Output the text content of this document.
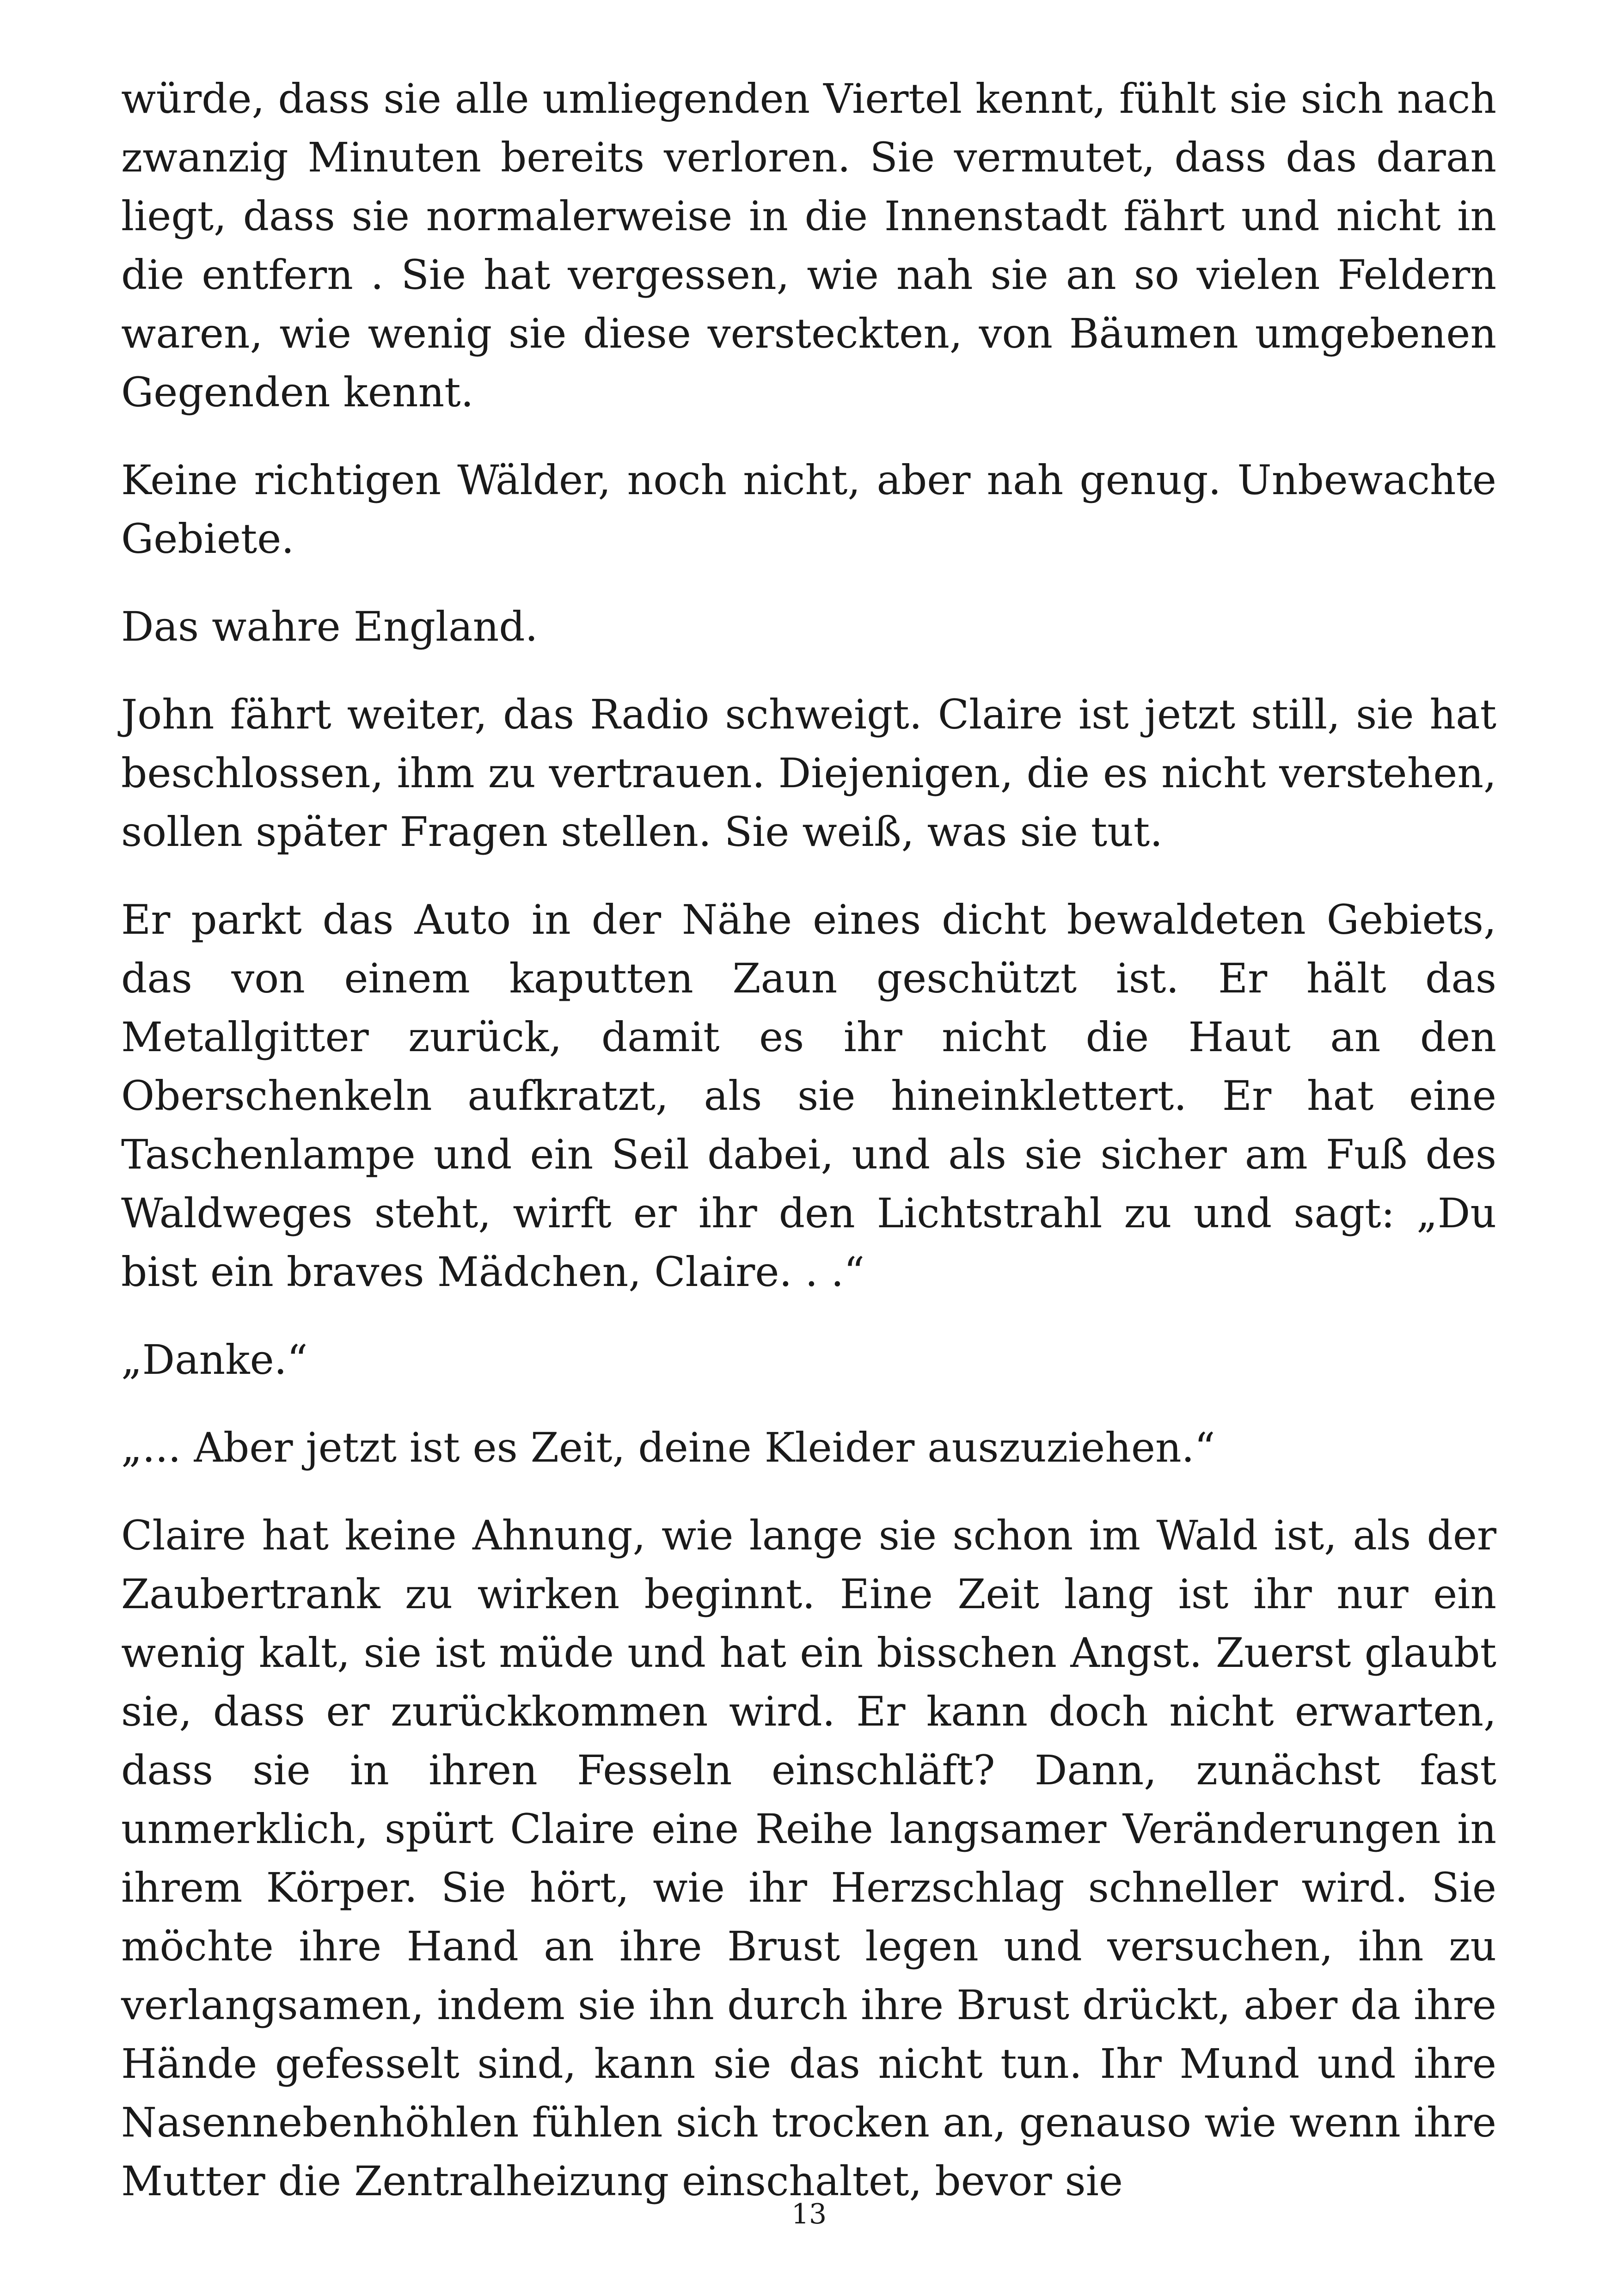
würde, dass sie alle umliegenden Viertel kennt, fühlt sie sich nach zwanzig Minuten bereits verloren. Sie vermutet, dass das daran liegt, dass sie normalerweise in die Innenstadt fährt und nicht in die entfern . Sie hat vergessen, wie nah sie an so vielen Feldern waren, wie wenig sie diese versteckten, von Bäumen umgebenen Gegenden kennt.

Keine richtigen Wälder, noch nicht, aber nah genug. Unbewachte Gebiete.

Das wahre England.

John fährt weiter, das Radio schweigt. Claire ist jetzt still, sie hat beschlossen, ihm zu vertrauen. Diejenigen, die es nicht verstehen, sollen später Fragen stellen. Sie weiß, was sie tut.

Er parkt das Auto in der Nähe eines dicht bewaldeten Gebiets, das von einem kaputten Zaun geschützt ist. Er hält das Metallgitter zurück, damit es ihr nicht die Haut an den Oberschenkeln aufkratzt, als sie hineinklettert. Er hat eine Taschenlampe und ein Seil dabei, und als sie sicher am Fuß des Waldweges steht, wirft er ihr den Lichtstrahl zu und sagt: „Du bist ein braves Mädchen, Claire. . .“

„Danke.“

„... Aber jetzt ist es Zeit, deine Kleider auszuziehen.“

Claire hat keine Ahnung, wie lange sie schon im Wald ist, als der Zaubertrank zu wirken beginnt. Eine Zeit lang ist ihr nur ein wenig kalt, sie ist müde und hat ein bisschen Angst. Zuerst glaubt sie, dass er zurückkommen wird. Er kann doch nicht erwarten, dass sie in ihren Fesseln einschläft? Dann, zunächst fast unmerklich, spürt Claire eine Reihe langsamer Veränderungen in ihrem Körper. Sie hört, wie ihr Herzschlag schneller wird. Sie möchte ihre Hand an ihre Brust legen und versuchen, ihn zu verlangsamen, indem sie ihn durch ihre Brust drückt, aber da ihre Hände gefesselt sind, kann sie das nicht tun. Ihr Mund und ihre Nasennebenhöhlen fühlen sich trocken an, genauso wie wenn ihre Mutter die Zentralheizung einschaltet, bevor sie

13
